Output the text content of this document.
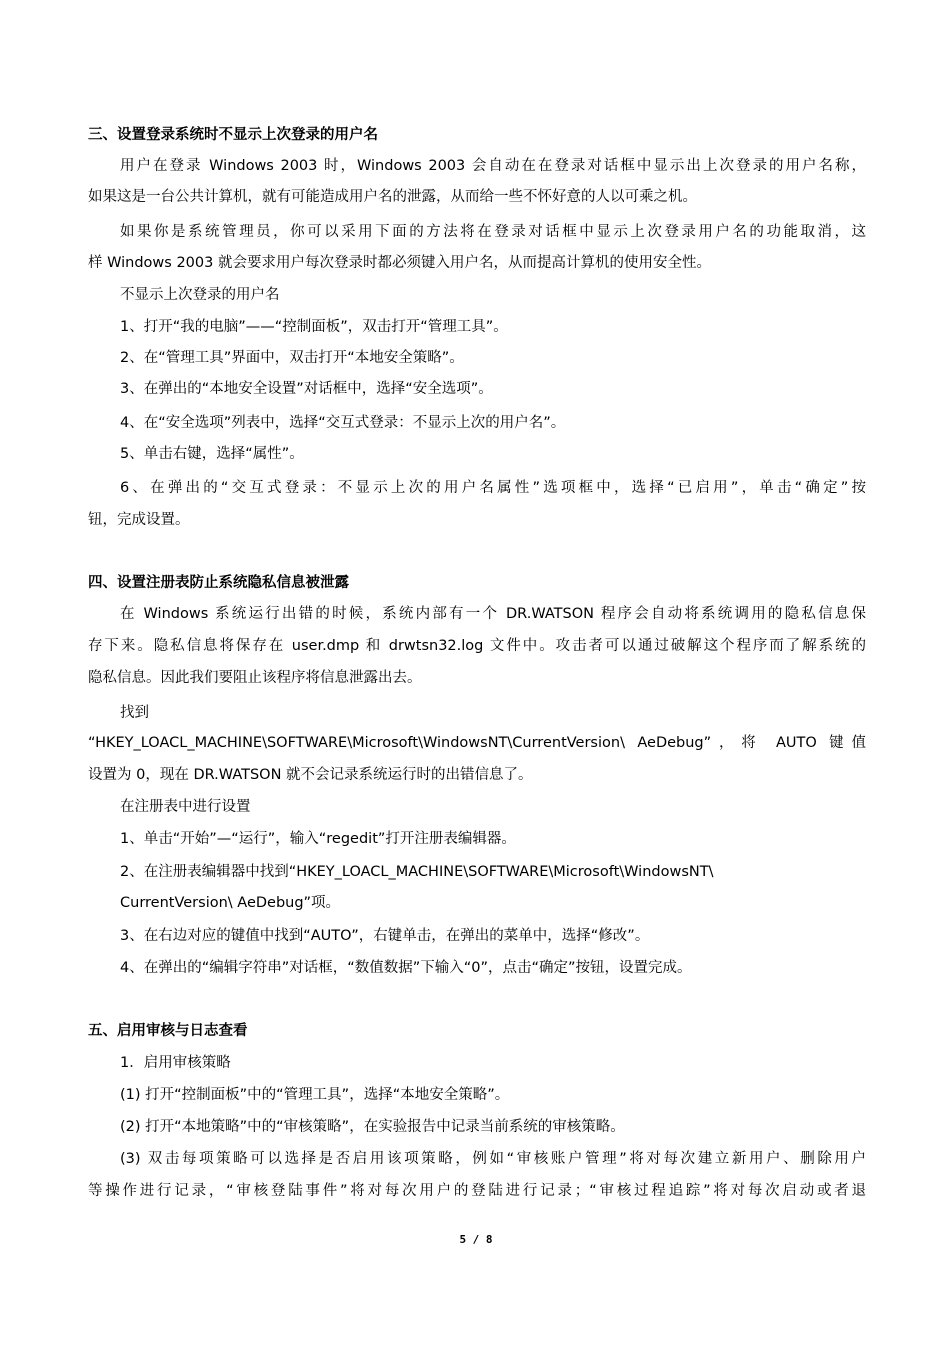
三、设置登录系统时不显示上次登录的用户名
用户在登录 Windows 2003 时，Windows 2003 会自动在在登录对话框中显示出上次登录的用户名称，
如果这是一台公共计算机，就有可能造成用户名的泄露，从而给一些不怀好意的人以可乘之机。
如果你是系统管理员，你可以采用下面的方法将在登录对话框中显示上次登录用户名的功能取消，这
样 Windows 2003 就会要求用户每次登录时都必须键入用户名，从而提高计算机的使用安全性。
不显示上次登录的用户名
1、打开“我的电脑”——“控制面板”，双击打开“管理工具”。
2、在“管理工具”界面中，双击打开“本地安全策略”。
3、在弹出的“本地安全设置”对话框中，选择“安全选项”。
4、在“安全选项”列表中，选择“交互式登录：不显示上次的用户名”。
5、单击右键，选择“属性”。
6、在弹出的“交互式登录：不显示上次的用户名属性”选项框中，选择“已启用”，单击“确定”按
钮，完成设置。
四、设置注册表防止系统隐私信息被泄露
在 Windows 系统运行出错的时候，系统内部有一个 DR.WATSON 程序会自动将系统调用的隐私信息保
存下来。隐私信息将保存在 user.dmp 和 drwtsn32.log 文件中。攻击者可以通过破解这个程序而了解系统的
隐私信息。因此我们要阻止该程序将信息泄露出去。
找到
“HKEY_LOACL_MACHINE\SOFTWARE\Microsoft\WindowsNT\CurrentVersion\ AeDebug”，将 AUTO 键值
设置为 0，现在 DR.WATSON 就不会记录系统运行时的出错信息了。
在注册表中进行设置
1、单击“开始”—“运行”，输入“regedit”打开注册表编辑器。
2、在注册表编辑器中找到“HKEY_LOACL_MACHINE\SOFTWARE\Microsoft\WindowsNT\
CurrentVersion\ AeDebug”项。
3、在右边对应的键值中找到“AUTO”，右键单击，在弹出的菜单中，选择“修改”。
4、在弹出的“编辑字符串”对话框，“数值数据”下输入“0”，点击“确定”按钮，设置完成。
五、启用审核与日志查看
1．启用审核策略
(1) 打开“控制面板”中的“管理工具”，选择“本地安全策略”。
(2) 打开“本地策略”中的“审核策略”，在实验报告中记录当前系统的审核策略。
(3) 双击每项策略可以选择是否启用该项策略，例如“审核账户管理”将对每次建立新用户、删除用户
等操作进行记录，“审核登陆事件”将对每次用户的登陆进行记录；“审核过程追踪”将对每次启动或者退
5 / 8
